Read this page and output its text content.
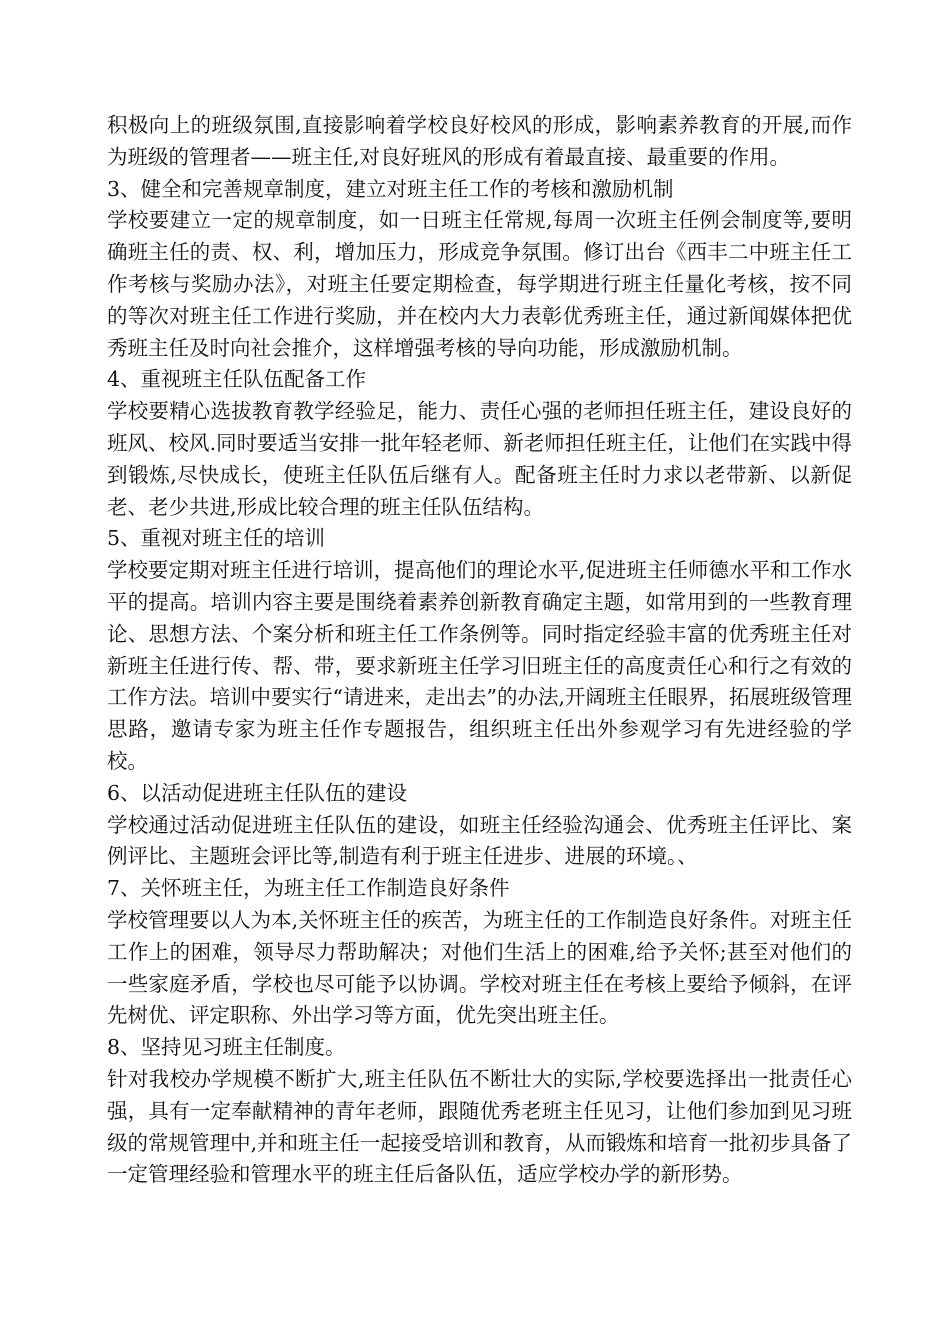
积极向上的班级氛围,直接影响着学校良好校风的形成，影响素养教育的开展,而作为班级的管理者——班主任,对良好班风的形成有着最直接、最重要的作用。

3、健全和完善规章制度，建立对班主任工作的考核和激励机制

学校要建立一定的规章制度，如一日班主任常规,每周一次班主任例会制度等,要明确班主任的责、权、利，增加压力，形成竞争氛围。修订出台《西丰二中班主任工作考核与奖励办法》，对班主任要定期检查，每学期进行班主任量化考核，按不同的等次对班主任工作进行奖励，并在校内大力表彰优秀班主任，通过新闻媒体把优秀班主任及时向社会推介，这样增强考核的导向功能，形成激励机制。

4、重视班主任队伍配备工作

学校要精心选拔教育教学经验足，能力、责任心强的老师担任班主任，建设良好的班风、校风.同时要适当安排一批年轻老师、新老师担任班主任，让他们在实践中得到锻炼,尽快成长，使班主任队伍后继有人。配备班主任时力求以老带新、以新促老、老少共进,形成比较合理的班主任队伍结构。

5、重视对班主任的培训

学校要定期对班主任进行培训，提高他们的理论水平,促进班主任师德水平和工作水平的提高。培训内容主要是围绕着素养创新教育确定主题，如常用到的一些教育理论、思想方法、个案分析和班主任工作条例等。同时指定经验丰富的优秀班主任对新班主任进行传、帮、带，要求新班主任学习旧班主任的高度责任心和行之有效的工作方法。培训中要实行“请进来，走出去”的办法,开阔班主任眼界，拓展班级管理思路，邀请专家为班主任作专题报告，组织班主任出外参观学习有先进经验的学校。

6、以活动促进班主任队伍的建设

学校通过活动促进班主任队伍的建设，如班主任经验沟通会、优秀班主任评比、案例评比、主题班会评比等,制造有利于班主任进步、进展的环境。、

7、关怀班主任，为班主任工作制造良好条件

学校管理要以人为本,关怀班主任的疾苦，为班主任的工作制造良好条件。对班主任工作上的困难，领导尽力帮助解决；对他们生活上的困难,给予关怀;甚至对他们的一些家庭矛盾，学校也尽可能予以协调。学校对班主任在考核上要给予倾斜，在评先树优、评定职称、外出学习等方面，优先突出班主任。

8、坚持见习班主任制度。

针对我校办学规模不断扩大,班主任队伍不断壮大的实际,学校要选择出一批责任心强，具有一定奉献精神的青年老师，跟随优秀老班主任见习，让他们参加到见习班级的常规管理中,并和班主任一起接受培训和教育，从而锻炼和培育一批初步具备了一定管理经验和管理水平的班主任后备队伍，适应学校办学的新形势。
